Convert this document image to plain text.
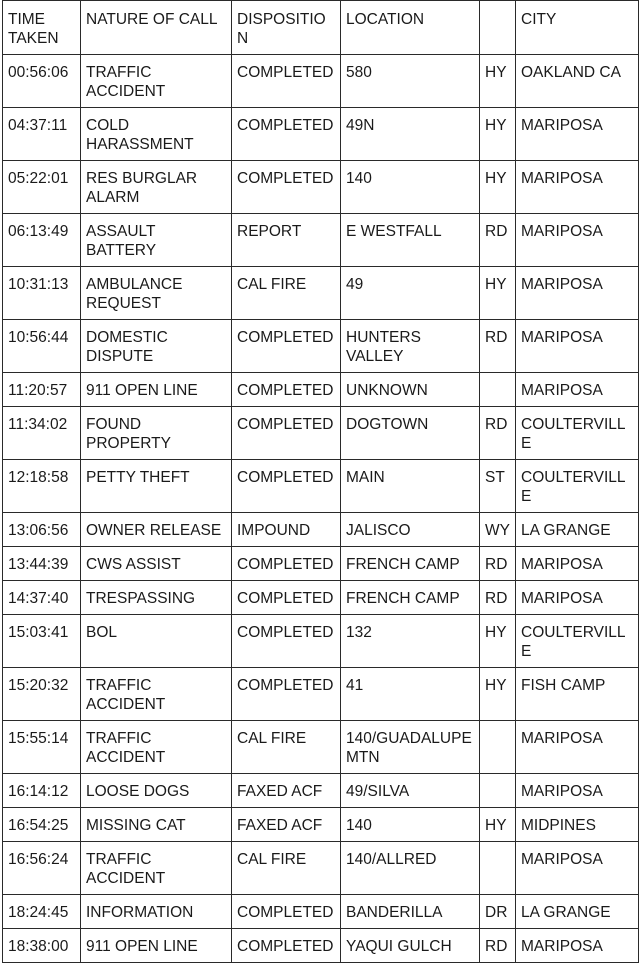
TIME TAKEN	NATURE OF CALL	DISPOSITION	LOCATION		CITY
00:56:06	TRAFFIC ACCIDENT	COMPLETED	580	HY	OAKLAND CA
04:37:11	COLD HARASSMENT	COMPLETED	49N	HY	MARIPOSA
05:22:01	RES BURGLAR ALARM	COMPLETED	140	HY	MARIPOSA
06:13:49	ASSAULT BATTERY	REPORT	E WESTFALL	RD	MARIPOSA
10:31:13	AMBULANCE REQUEST	CAL FIRE	49	HY	MARIPOSA
10:56:44	DOMESTIC DISPUTE	COMPLETED	HUNTERS VALLEY	RD	MARIPOSA
11:20:57	911 OPEN LINE	COMPLETED	UNKNOWN		MARIPOSA
11:34:02	FOUND PROPERTY	COMPLETED	DOGTOWN	RD	COULTERVILLE
12:18:58	PETTY THEFT	COMPLETED	MAIN	ST	COULTERVILLE
13:06:56	OWNER RELEASE	IMPOUND	JALISCO	WY	LA GRANGE
13:44:39	CWS ASSIST	COMPLETED	FRENCH CAMP	RD	MARIPOSA
14:37:40	TRESPASSING	COMPLETED	FRENCH CAMP	RD	MARIPOSA
15:03:41	BOL	COMPLETED	132	HY	COULTERVILLE
15:20:32	TRAFFIC ACCIDENT	COMPLETED	41	HY	FISH CAMP
15:55:14	TRAFFIC ACCIDENT	CAL FIRE	140/GUADALUPE MTN		MARIPOSA
16:14:12	LOOSE DOGS	FAXED ACF	49/SILVA		MARIPOSA
16:54:25	MISSING CAT	FAXED ACF	140	HY	MIDPINES
16:56:24	TRAFFIC ACCIDENT	CAL FIRE	140/ALLRED		MARIPOSA
18:24:45	INFORMATION	COMPLETED	BANDERILLA	DR	LA GRANGE
18:38:00	911 OPEN LINE	COMPLETED	YAQUI GULCH	RD	MARIPOSA
